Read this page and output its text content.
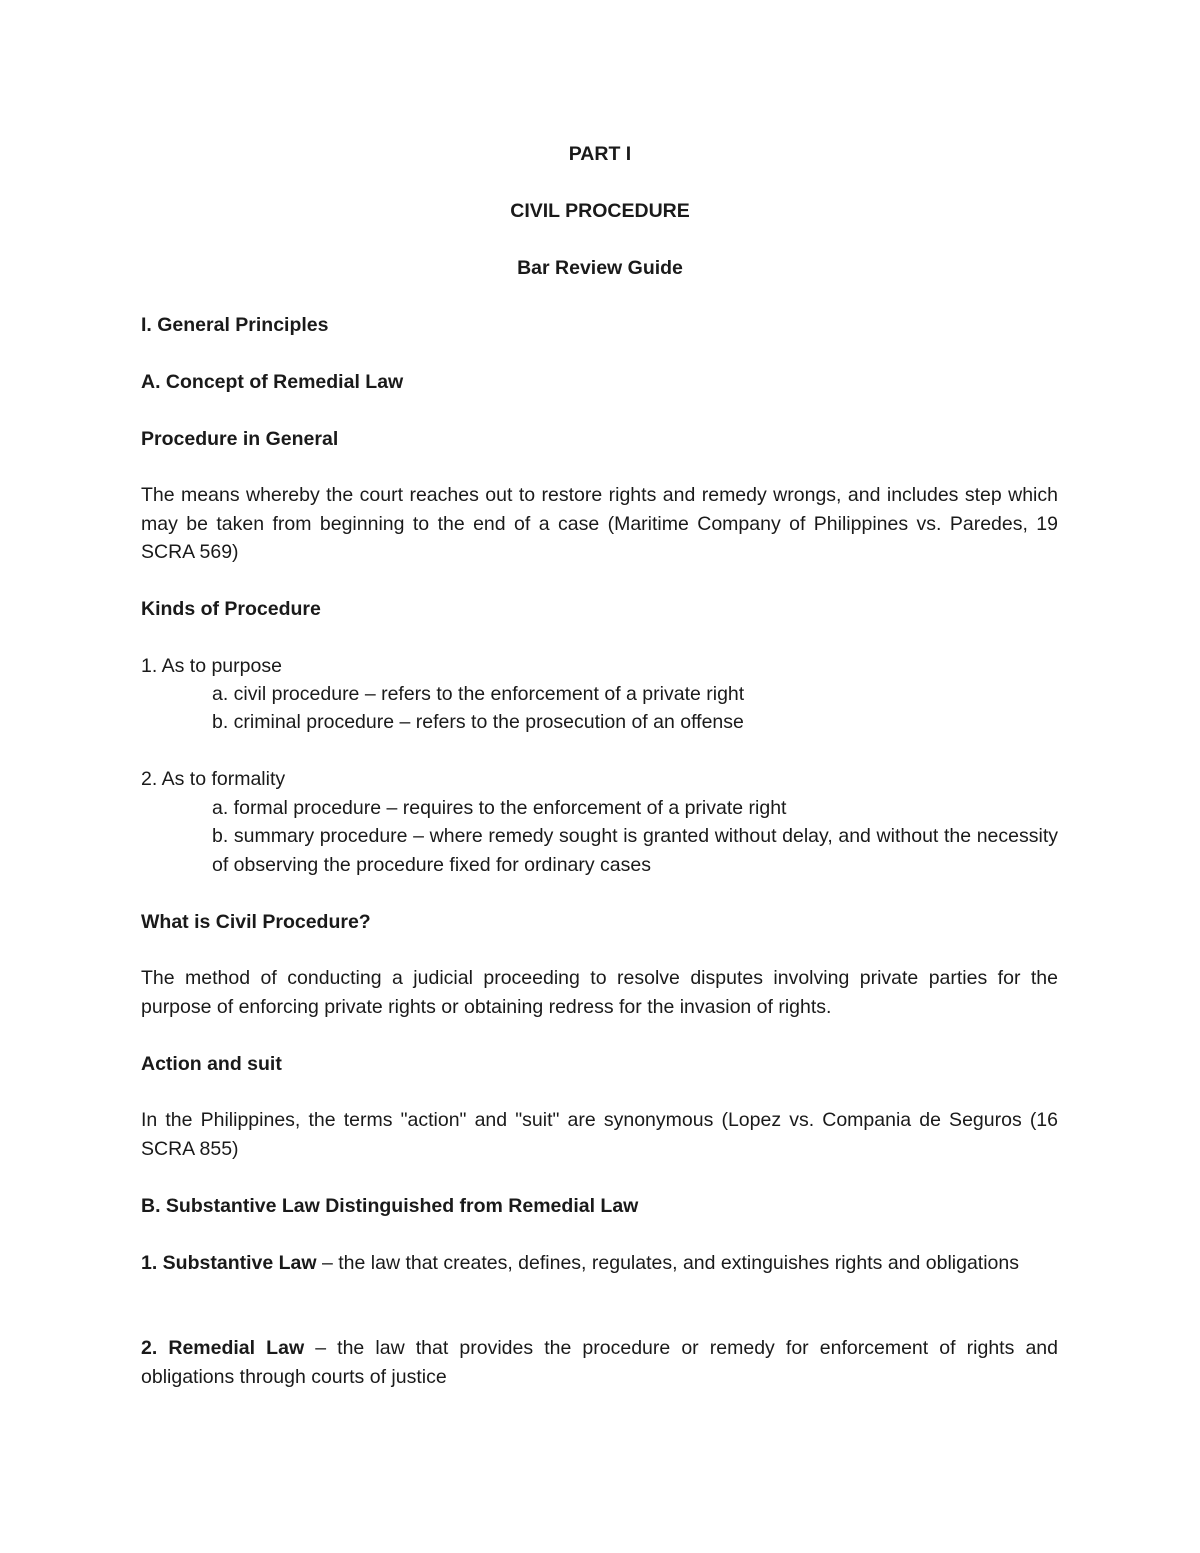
PART I
CIVIL PROCEDURE
Bar Review Guide
I. General Principles
A. Concept of Remedial Law
Procedure in General
The means whereby the court reaches out to restore rights and remedy wrongs, and includes step which may be taken from beginning to the end of a case (Maritime Company of Philippines vs. Paredes, 19 SCRA 569)
Kinds of Procedure
1. As to purpose
a. civil procedure – refers to the enforcement of a private right
b. criminal procedure – refers to the prosecution of an offense
2. As to formality
a. formal procedure – requires to the enforcement of a private right
b. summary procedure – where remedy sought is granted without delay, and without the necessity of observing the procedure fixed for ordinary cases
What is Civil Procedure?
The method of conducting a judicial proceeding to resolve disputes involving private parties for the purpose of enforcing private rights or obtaining redress for the invasion of rights.
Action and suit
In the Philippines, the terms "action" and "suit" are synonymous (Lopez vs. Compania de Seguros (16 SCRA 855)
B. Substantive Law Distinguished from Remedial Law
1. Substantive Law – the law that creates, defines, regulates, and extinguishes rights and obligations
2. Remedial Law – the law that provides the procedure or remedy for enforcement of rights and obligations through courts of justice
